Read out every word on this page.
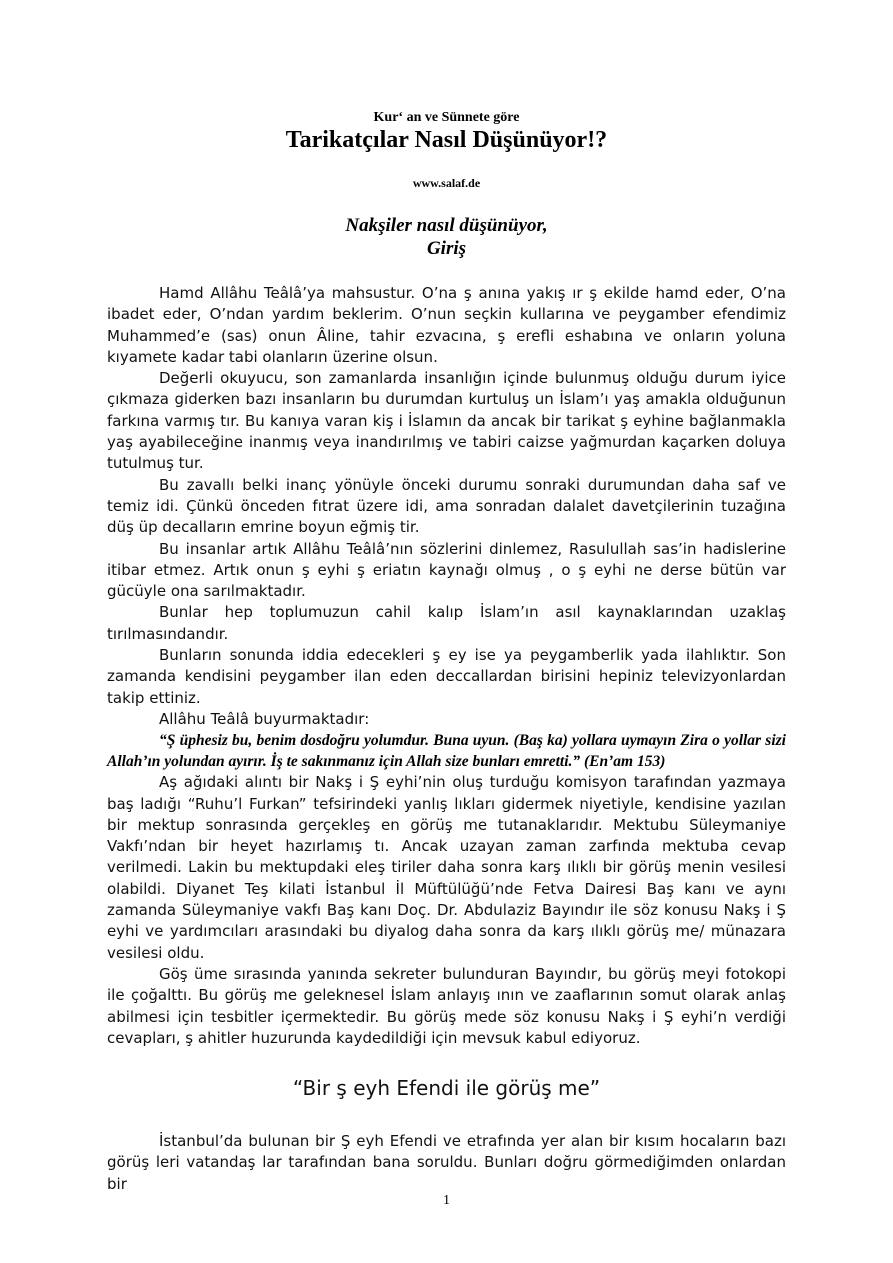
Kur‘ an ve Sünnete göre
Tarikatçılar Nasıl Düşünüyor!?
www.salaf.de
Nakşiler nasıl düşünüyor,
Giriş

Hamd Allâhu Teâlâ’ya mahsustur. O’na ş anına yakış ır ş ekilde hamd eder, O’na ibadet eder, O’ndan yardım beklerim. O’nun seçkin kullarına ve peygamber efendimiz Muhammed’e (sas) onun Âline, tahir ezvacına, ş erefli eshabına ve onların yoluna kıyamete kadar tabi olanların üzerine olsun.

Değerli okuyucu, son zamanlarda insanlığın içinde bulunmuş olduğu durum iyice çıkmaza giderken bazı insanların bu durumdan kurtuluş un İslam’ı yaş amakla olduğunun farkına varmış tır. Bu kanıya varan kiş i İslamın da ancak bir tarikat ş eyhine bağlanmakla yaş ayabileceğine inanmış veya inandırılmış ve tabiri caizse yağmurdan kaçarken doluya tutulmuş tur.

Bu zavallı belki inanç yönüyle önceki durumu sonraki durumundan daha saf ve temiz idi. Çünkü önceden fıtrat üzere idi, ama sonradan dalalet davetçilerinin tuzağına düş üp decalların emrine boyun eğmiş tir.

Bu insanlar artık Allâhu Teâlâ’nın sözlerini dinlemez, Rasulullah sas’in hadislerine itibar etmez. Artık onun ş eyhi ş eriatın kaynağı olmuş , o ş eyhi ne derse bütün var gücüyle ona sarılmaktadır.

Bunlar hep toplumuzun cahil kalıp İslam’ın asıl kaynaklarından uzaklaş tırılmasındandır.

Bunların sonunda iddia edecekleri ş ey ise ya peygamberlik yada ilahlıktır. Son zamanda kendisini peygamber ilan eden deccallardan birisini hepiniz televizyonlardan takip ettiniz.

Allâhu Teâlâ buyurmaktadır:

“Ş üphesiz bu, benim dosdoğru yolumdur. Buna uyun. (Baş ka) yollara uymayın Zira o yollar sizi Allah’ın yolundan ayırır. İş te sakınmanız için Allah size bunları emretti.” (En’am 153)

Aş ağıdaki alıntı bir Nakş i Ş eyhi’nin oluş turduğu komisyon tarafından yazmaya baş ladığı “Ruhu’l Furkan” tefsirindeki yanlış lıkları gidermek niyetiyle, kendisine yazılan bir mektup sonrasında gerçekleş en görüş me tutanaklarıdır. Mektubu Süleymaniye Vakfı’ndan bir heyet hazırlamış tı. Ancak uzayan zaman zarfında mektuba cevap verilmedi. Lakin bu mektupdaki eleş tiriler daha sonra karş ılıklı bir görüş menin vesilesi olabildi. Diyanet Teş kilati İstanbul İl Müftülüğü’nde Fetva Dairesi Baş kanı ve aynı zamanda Süleymaniye vakfı Baş kanı Doç. Dr. Abdulaziz Bayındır ile söz konusu Nakş i Ş eyhi ve yardımcıları arasındaki bu diyalog daha sonra da karş ılıklı görüş me/ münazara vesilesi oldu.

Göş üme sırasında yanında sekreter bulunduran Bayındır, bu görüş meyi fotokopi ile çoğalttı. Bu görüş me geleknesel İslam anlayış ının ve zaaflarının somut olarak anlaş abilmesi için tesbitler içermektedir. Bu görüş mede söz konusu Nakş i Ş eyhi’n verdiği cevapları, ş ahitler huzurunda kaydedildiği için mevsuk kabul ediyoruz.

“Bir ş eyh Efendi ile görüş me”

İstanbul’da bulunan bir Ş eyh Efendi ve etrafında yer alan bir kısım hocaların bazı görüş leri vatandaş lar tarafından bana soruldu. Bunları doğru görmediğimden onlardan bir

1
